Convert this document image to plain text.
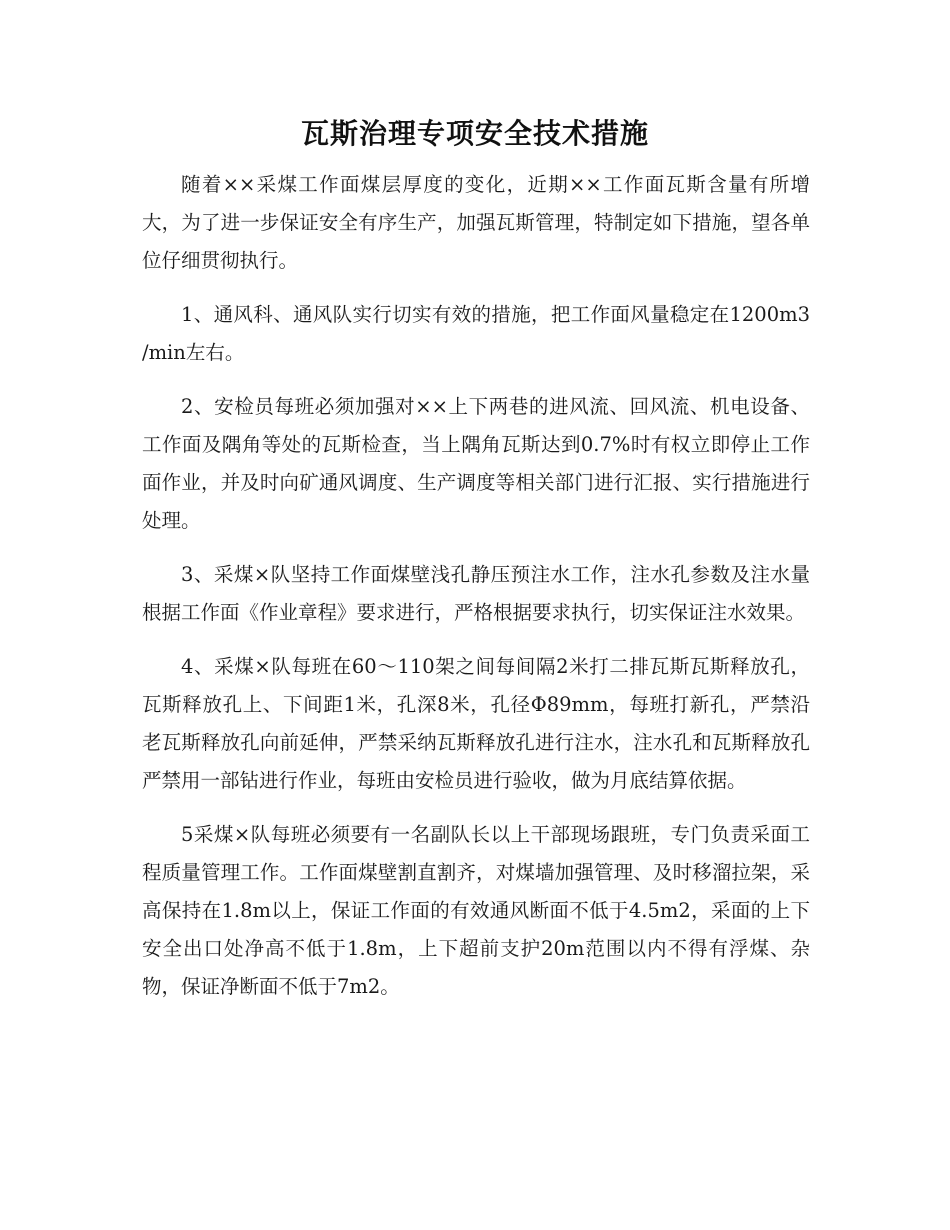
瓦斯治理专项安全技术措施

随着××采煤工作面煤层厚度的变化，近期××工作面瓦斯含量有所增大，为了进一步保证安全有序生产，加强瓦斯管理，特制定如下措施，望各单位仔细贯彻执行。

1、通风科、通风队实行切实有效的措施，把工作面风量稳定在1200m3 /min左右。

2、安检员每班必须加强对××上下两巷的进风流、回风流、机电设备、工作面及隅角等处的瓦斯检查，当上隅角瓦斯达到0.7%时有权立即停止工作面作业，并及时向矿通风调度、生产调度等相关部门进行汇报、实行措施进行处理。

3、采煤×队坚持工作面煤壁浅孔静压预注水工作，注水孔参数及注水量根据工作面《作业章程》要求进行，严格根据要求执行，切实保证注水效果。

4、采煤×队每班在60～110架之间每间隔2米打二排瓦斯瓦斯释放孔，瓦斯释放孔上、下间距1米，孔深8米，孔径Φ89mm，每班打新孔，严禁沿老瓦斯释放孔向前延伸，严禁采纳瓦斯释放孔进行注水，注水孔和瓦斯释放孔严禁用一部钻进行作业，每班由安检员进行验收，做为月底结算依据。

5采煤×队每班必须要有一名副队长以上干部现场跟班，专门负责采面工程质量管理工作。工作面煤壁割直割齐，对煤墙加强管理、及时移溜拉架，采高保持在1.8m以上，保证工作面的有效通风断面不低于4.5m2，采面的上下安全出口处净高不低于1.8m，上下超前支护20m范围以内不得有浮煤、杂物，保证净断面不低于7m2。
